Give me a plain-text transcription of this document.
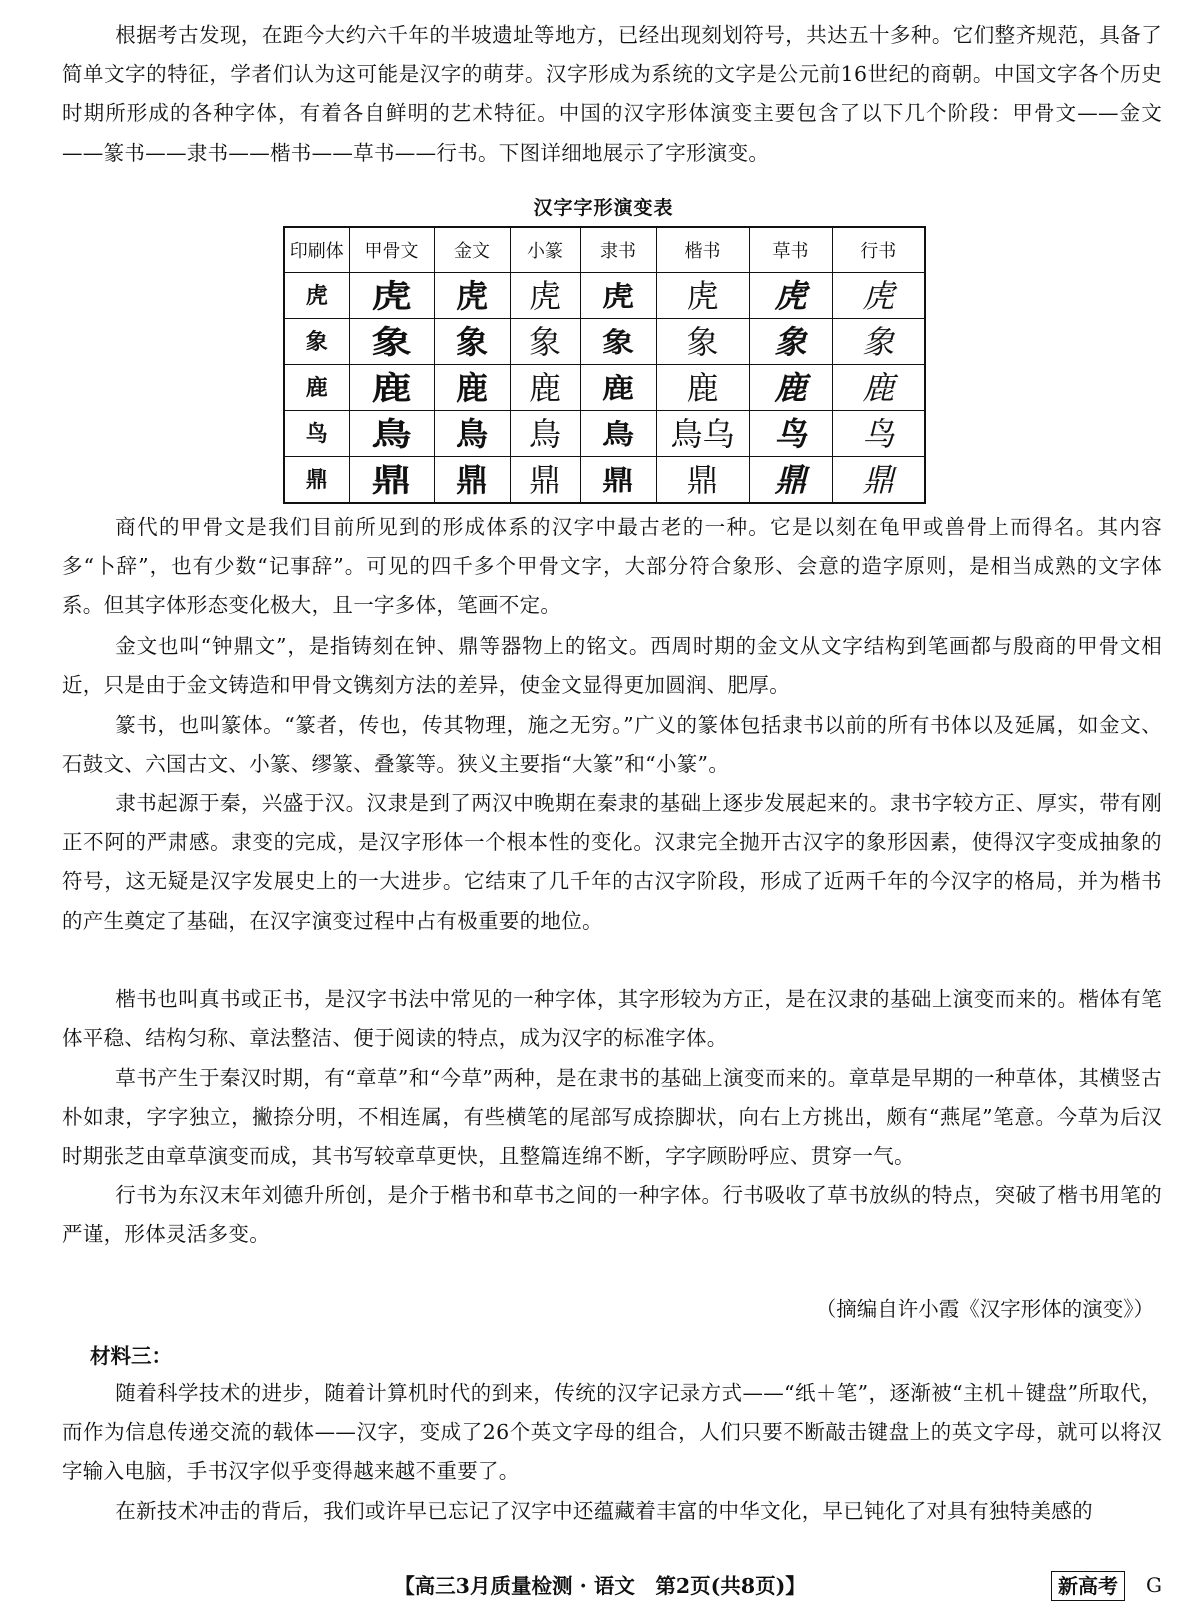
根据考古发现，在距今大约六千年的半坡遗址等地方，已经出现刻划符号，共达五十多种。它们整齐规范，具备了简单文字的特征，学者们认为这可能是汉字的萌芽。汉字形成为系统的文字是公元前16世纪的商朝。中国文字各个历史时期所形成的各种字体，有着各自鲜明的艺术特征。中国的汉字形体演变主要包含了以下几个阶段：甲骨文——金文——篆书——隶书——楷书——草书——行书。下图详细地展示了字形演变。

汉字字形演变表
印刷体	甲骨文	金文	小篆	隶书	楷书	草书	行书
虎	虎	虎	虎	虎	虎	虎	虎
象	象	象	象	象	象	象	象
鹿	鹿	鹿	鹿	鹿	鹿	鹿	鹿
鸟	鳥	鳥	鳥	鳥	鳥乌	鸟	鸟
鼎	鼎	鼎	鼎	鼎	鼎	鼎	鼎

商代的甲骨文是我们目前所见到的形成体系的汉字中最古老的一种。它是以刻在龟甲或兽骨上而得名。其内容多“卜辞”，也有少数“记事辞”。可见的四千多个甲骨文字，大部分符合象形、会意的造字原则，是相当成熟的文字体系。但其字体形态变化极大，且一字多体，笔画不定。

金文也叫“钟鼎文”，是指铸刻在钟、鼎等器物上的铭文。西周时期的金文从文字结构到笔画都与殷商的甲骨文相近，只是由于金文铸造和甲骨文镌刻方法的差异，使金文显得更加圆润、肥厚。

篆书，也叫篆体。“篆者，传也，传其物理，施之无穷。”广义的篆体包括隶书以前的所有书体以及延属，如金文、石鼓文、六国古文、小篆、缪篆、叠篆等。狭义主要指“大篆”和“小篆”。

隶书起源于秦，兴盛于汉。汉隶是到了两汉中晚期在秦隶的基础上逐步发展起来的。隶书字较方正、厚实，带有刚正不阿的严肃感。隶变的完成，是汉字形体一个根本性的变化。汉隶完全抛开古汉字的象形因素，使得汉字变成抽象的符号，这无疑是汉字发展史上的一大进步。它结束了几千年的古汉字阶段，形成了近两千年的今汉字的格局，并为楷书的产生奠定了基础，在汉字演变过程中占有极重要的地位。

楷书也叫真书或正书，是汉字书法中常见的一种字体，其字形较为方正，是在汉隶的基础上演变而来的。楷体有笔体平稳、结构匀称、章法整洁、便于阅读的特点，成为汉字的标准字体。

草书产生于秦汉时期，有“章草”和“今草”两种，是在隶书的基础上演变而来的。章草是早期的一种草体，其横竖古朴如隶，字字独立，撇捺分明，不相连属，有些横笔的尾部写成捺脚状，向右上方挑出，颇有“燕尾”笔意。今草为后汉时期张芝由章草演变而成，其书写较章草更快，且整篇连绵不断，字字顾盼呼应、贯穿一气。

行书为东汉末年刘德升所创，是介于楷书和草书之间的一种字体。行书吸收了草书放纵的特点，突破了楷书用笔的严谨，形体灵活多变。

（摘编自许小霞《汉字形体的演变》）

材料三：

随着科学技术的进步，随着计算机时代的到来，传统的汉字记录方式——“纸＋笔”，逐渐被“主机＋键盘”所取代，而作为信息传递交流的载体——汉字，变成了26个英文字母的组合，人们只要不断敲击键盘上的英文字母，就可以将汉字输入电脑，手书汉字似乎变得越来越不重要了。

在新技术冲击的背后，我们或许早已忘记了汉字中还蕴藏着丰富的中华文化，早已钝化了对具有独特美感的

【高三3月质量检测 · 语文　第2页(共8页)】	新高考	G
